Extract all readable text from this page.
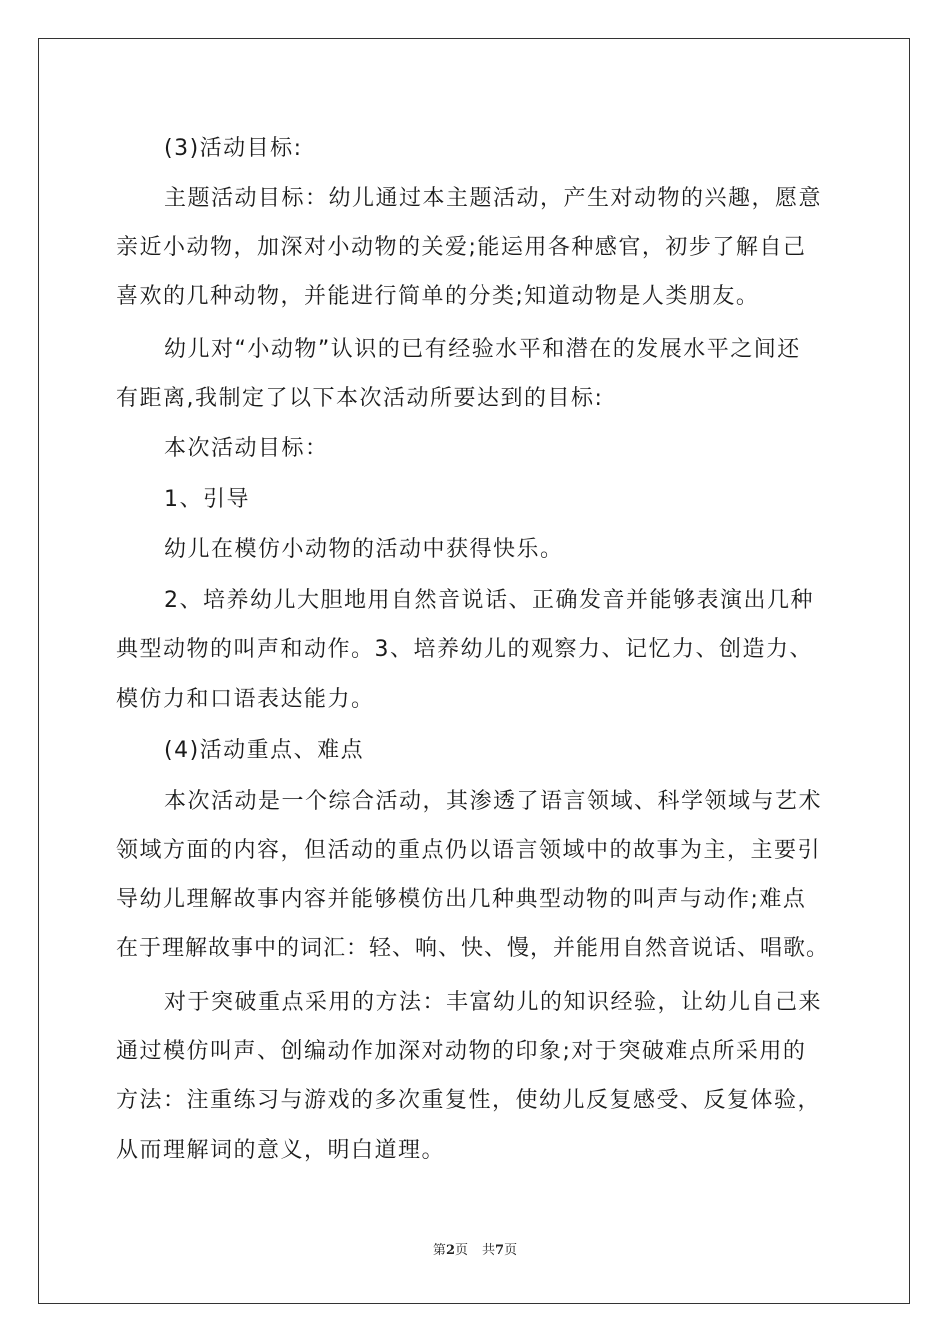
(3)活动目标:
主题活动目标：幼儿通过本主题活动，产生对动物的兴趣，愿意
亲近小动物，加深对小动物的关爱;能运用各种感官，初步了解自己
喜欢的几种动物，并能进行简单的分类;知道动物是人类朋友。
幼儿对“小动物”认识的已有经验水平和潜在的发展水平之间还
有距离,我制定了以下本次活动所要达到的目标:
本次活动目标：
1、引导
幼儿在模仿小动物的活动中获得快乐。
2、培养幼儿大胆地用自然音说话、正确发音并能够表演出几种
典型动物的叫声和动作。3、培养幼儿的观察力、记忆力、创造力、
模仿力和口语表达能力。
(4)活动重点、难点
本次活动是一个综合活动，其渗透了语言领域、科学领域与艺术
领域方面的内容，但活动的重点仍以语言领域中的故事为主，主要引
导幼儿理解故事内容并能够模仿出几种典型动物的叫声与动作;难点
在于理解故事中的词汇：轻、响、快、慢，并能用自然音说话、唱歌。
对于突破重点采用的方法：丰富幼儿的知识经验，让幼儿自己来
通过模仿叫声、创编动作加深对动物的印象;对于突破难点所采用的
方法：注重练习与游戏的多次重复性，使幼儿反复感受、反复体验，
从而理解词的意义，明白道理。
第2页 共7页
